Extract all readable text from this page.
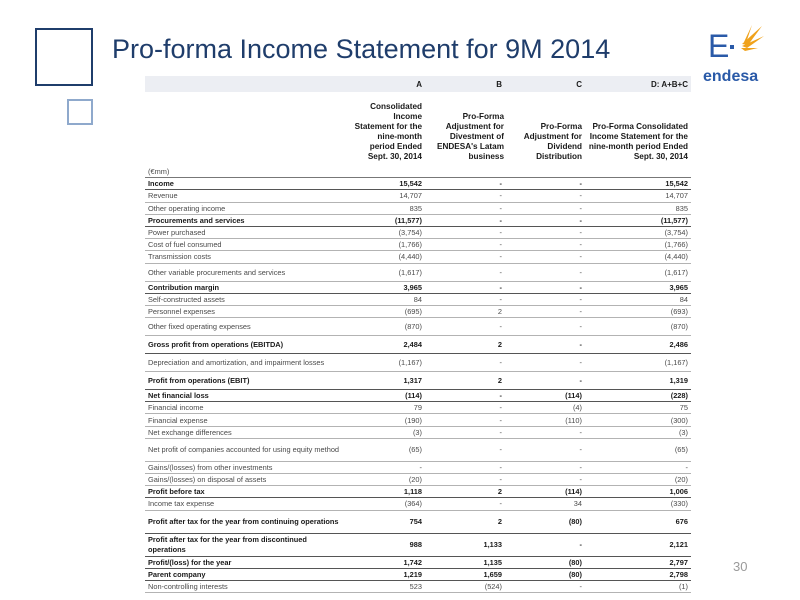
Pro-forma Income Statement for 9M 2014	E
endesa
	A	B	C	D: A+B+C
	Consolidated Income Statement for the nine-month period Ended Sept. 30, 2014	Pro-Forma Adjustment for Divestment of ENDESA's Latam business	Pro-Forma Adjustment for Dividend Distribution	Pro-Forma Consolidated Income Statement for the nine-month period Ended Sept. 30, 2014
(€mm)				
Income	15,542	-	-	15,542
Revenue	14,707	-	-	14,707
Other operating income	835	-	-	835
Procurements and services	(11,577)	-	-	(11,577)
Power purchased	(3,754)	-	-	(3,754)
Cost of fuel consumed	(1,766)	-	-	(1,766)
Transmission costs	(4,440)	-	-	(4,440)
Other variable procurements and services	(1,617)	-	-	(1,617)
Contribution margin	3,965	-	-	3,965
Self-constructed assets	84	-	-	84
Personnel expenses	(695)	2	-	(693)
Other fixed operating expenses	(870)	-	-	(870)
Gross profit from operations (EBITDA)	2,484	2	-	2,486
Depreciation and amortization, and impairment losses	(1,167)	-	-	(1,167)
Profit from operations (EBIT)	1,317	2	-	1,319
Net financial loss	(114)	-	(114)	(228)
Financial income	79	-	(4)	75
Financial expense	(190)	-	(110)	(300)
Net exchange differences	(3)	-	-	(3)
Net profit of companies accounted for using equity method	(65)	-	-	(65)
Gains/(losses) from other investments	-	-	-	-
Gains/(losses) on disposal of assets	(20)	-	-	(20)
Profit before tax	1,118	2	(114)	1,006
Income tax expense	(364)	-	34	(330)
Profit after tax for the year from continuing operations	754	2	(80)	676
Profit after tax for the year from discontinued operations	988	1,133	-	2,121
Profit/(loss) for the year	1,742	1,135	(80)	2,797
Parent company	1,219	1,659	(80)	2,798
Non-controlling interests	523	(524)	-	(1)
30
